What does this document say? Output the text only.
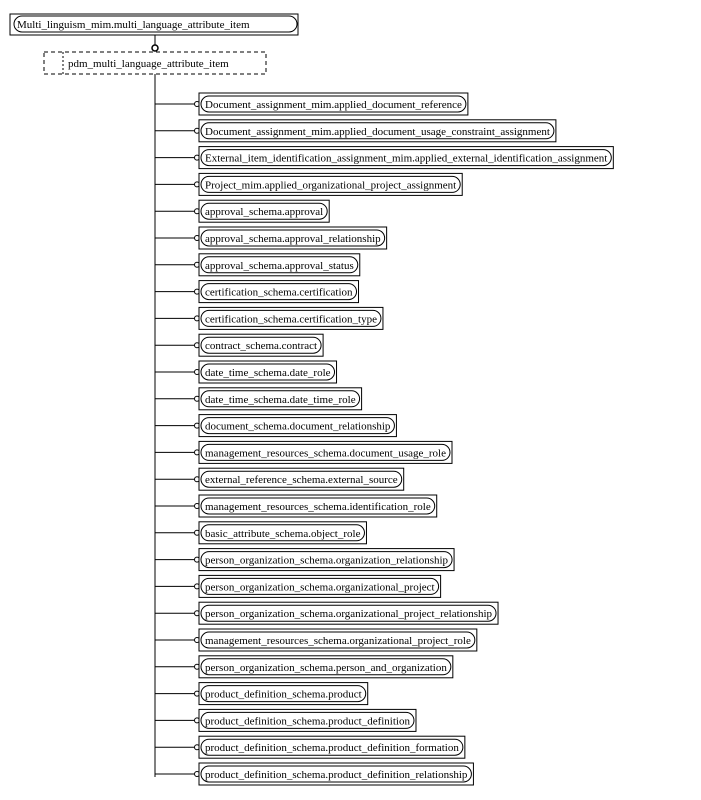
Multi_linguism_mim.multi_language_attribute_item
pdm_multi_language_attribute_item
Document_assignment_mim.applied_document_reference
Document_assignment_mim.applied_document_usage_constraint_assignment
External_item_identification_assignment_mim.applied_external_identification_assignment
Project_mim.applied_organizational_project_assignment
approval_schema.approval
approval_schema.approval_relationship
approval_schema.approval_status
certification_schema.certification
certification_schema.certification_type
contract_schema.contract
date_time_schema.date_role
date_time_schema.date_time_role
document_schema.document_relationship
management_resources_schema.document_usage_role
external_reference_schema.external_source
management_resources_schema.identification_role
basic_attribute_schema.object_role
person_organization_schema.organization_relationship
person_organization_schema.organizational_project
person_organization_schema.organizational_project_relationship
management_resources_schema.organizational_project_role
person_organization_schema.person_and_organization
product_definition_schema.product
product_definition_schema.product_definition
product_definition_schema.product_definition_formation
product_definition_schema.product_definition_relationship
